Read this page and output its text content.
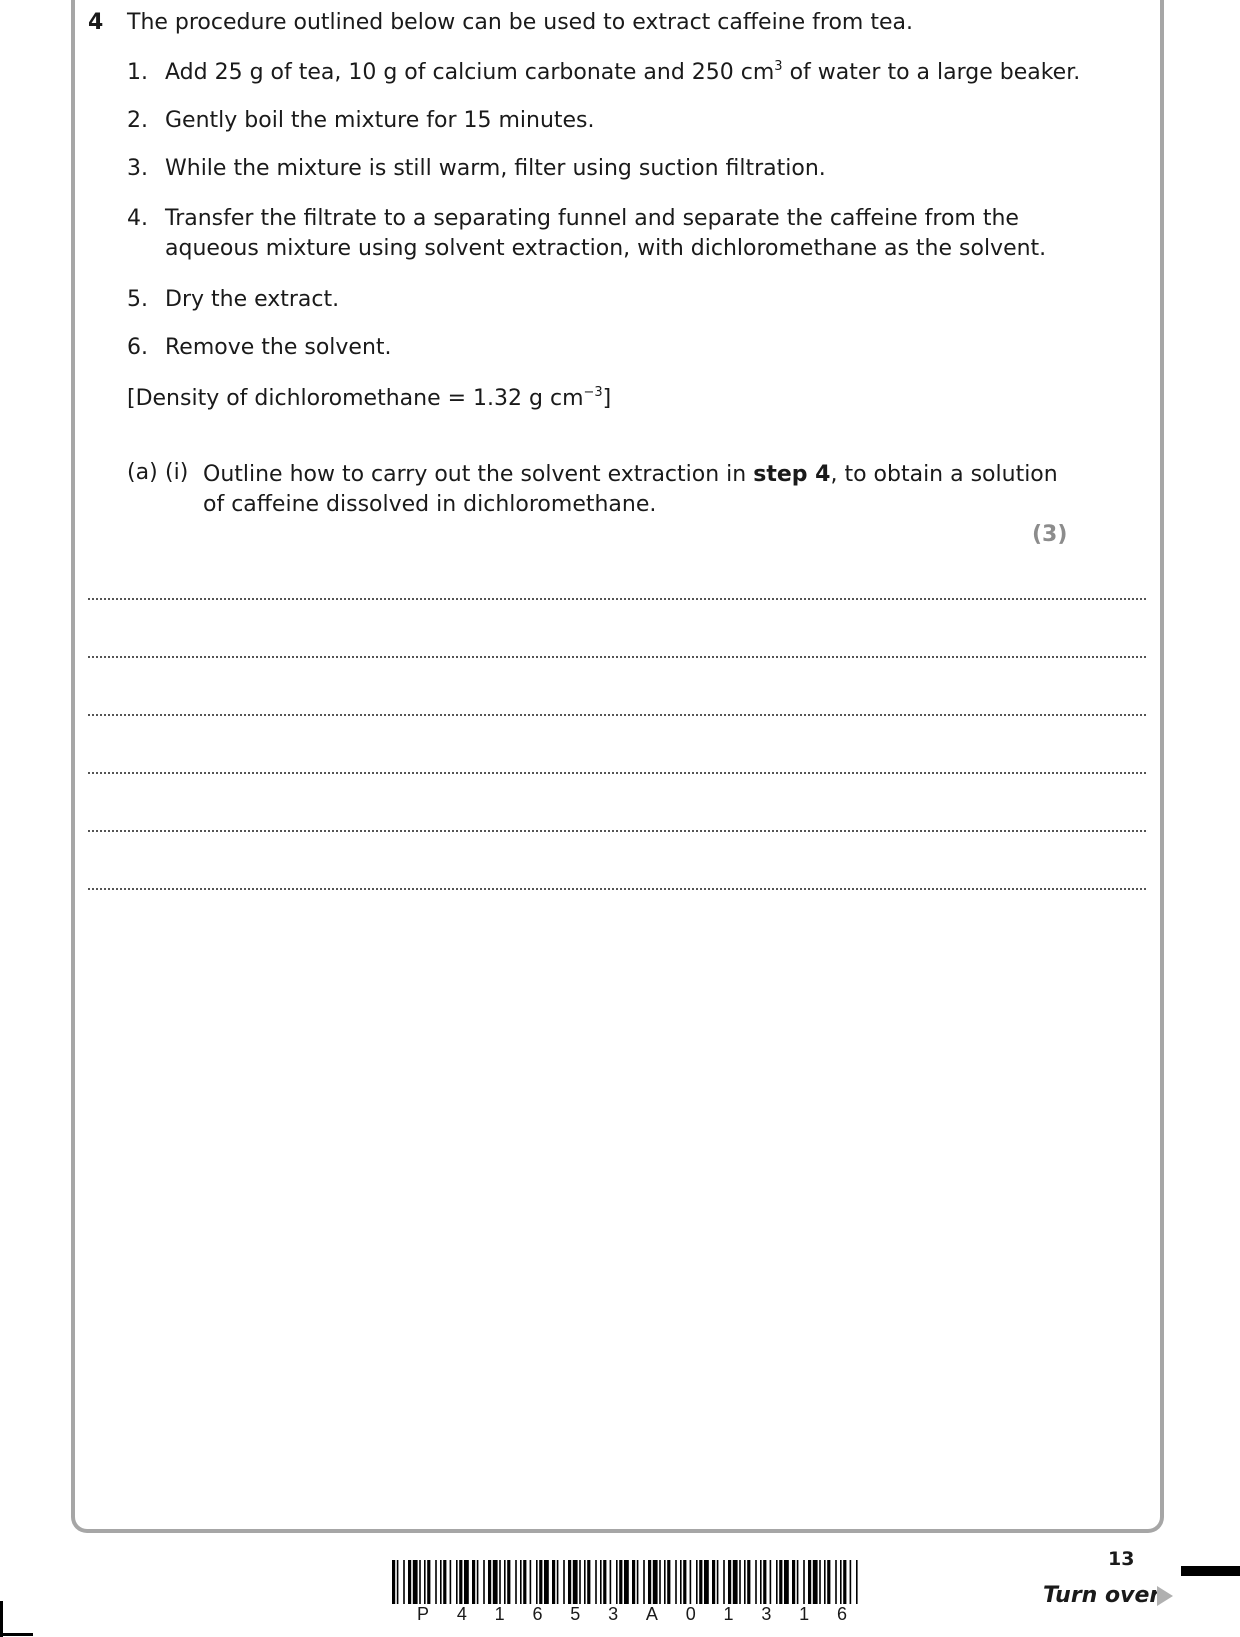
4 The procedure outlined below can be used to extract caffeine from tea.
1. Add 25 g of tea, 10 g of calcium carbonate and 250 $cm^3$ of water to a large beaker.
2. Gently boil the mixture for 15 minutes.
3. While the mixture is still warm, filter using suction filtration.
4. Transfer the filtrate to a separating funnel and separate the caffeine from the
aqueous mixture using solvent extraction, with dichloromethane as the solvent.
5. Dry the extract.
6. Remove the solvent.
[Density of dichloromethane = 1.32 g $cm^{-3}$]
(a) (i) Outline how to carry out the solvent extraction in step 4, to obtain a solution
of caffeine dissolved in dichloromethane.
(3)
P 4 1 6 5 3 A 0 1 3 1 6
13
Turn over
